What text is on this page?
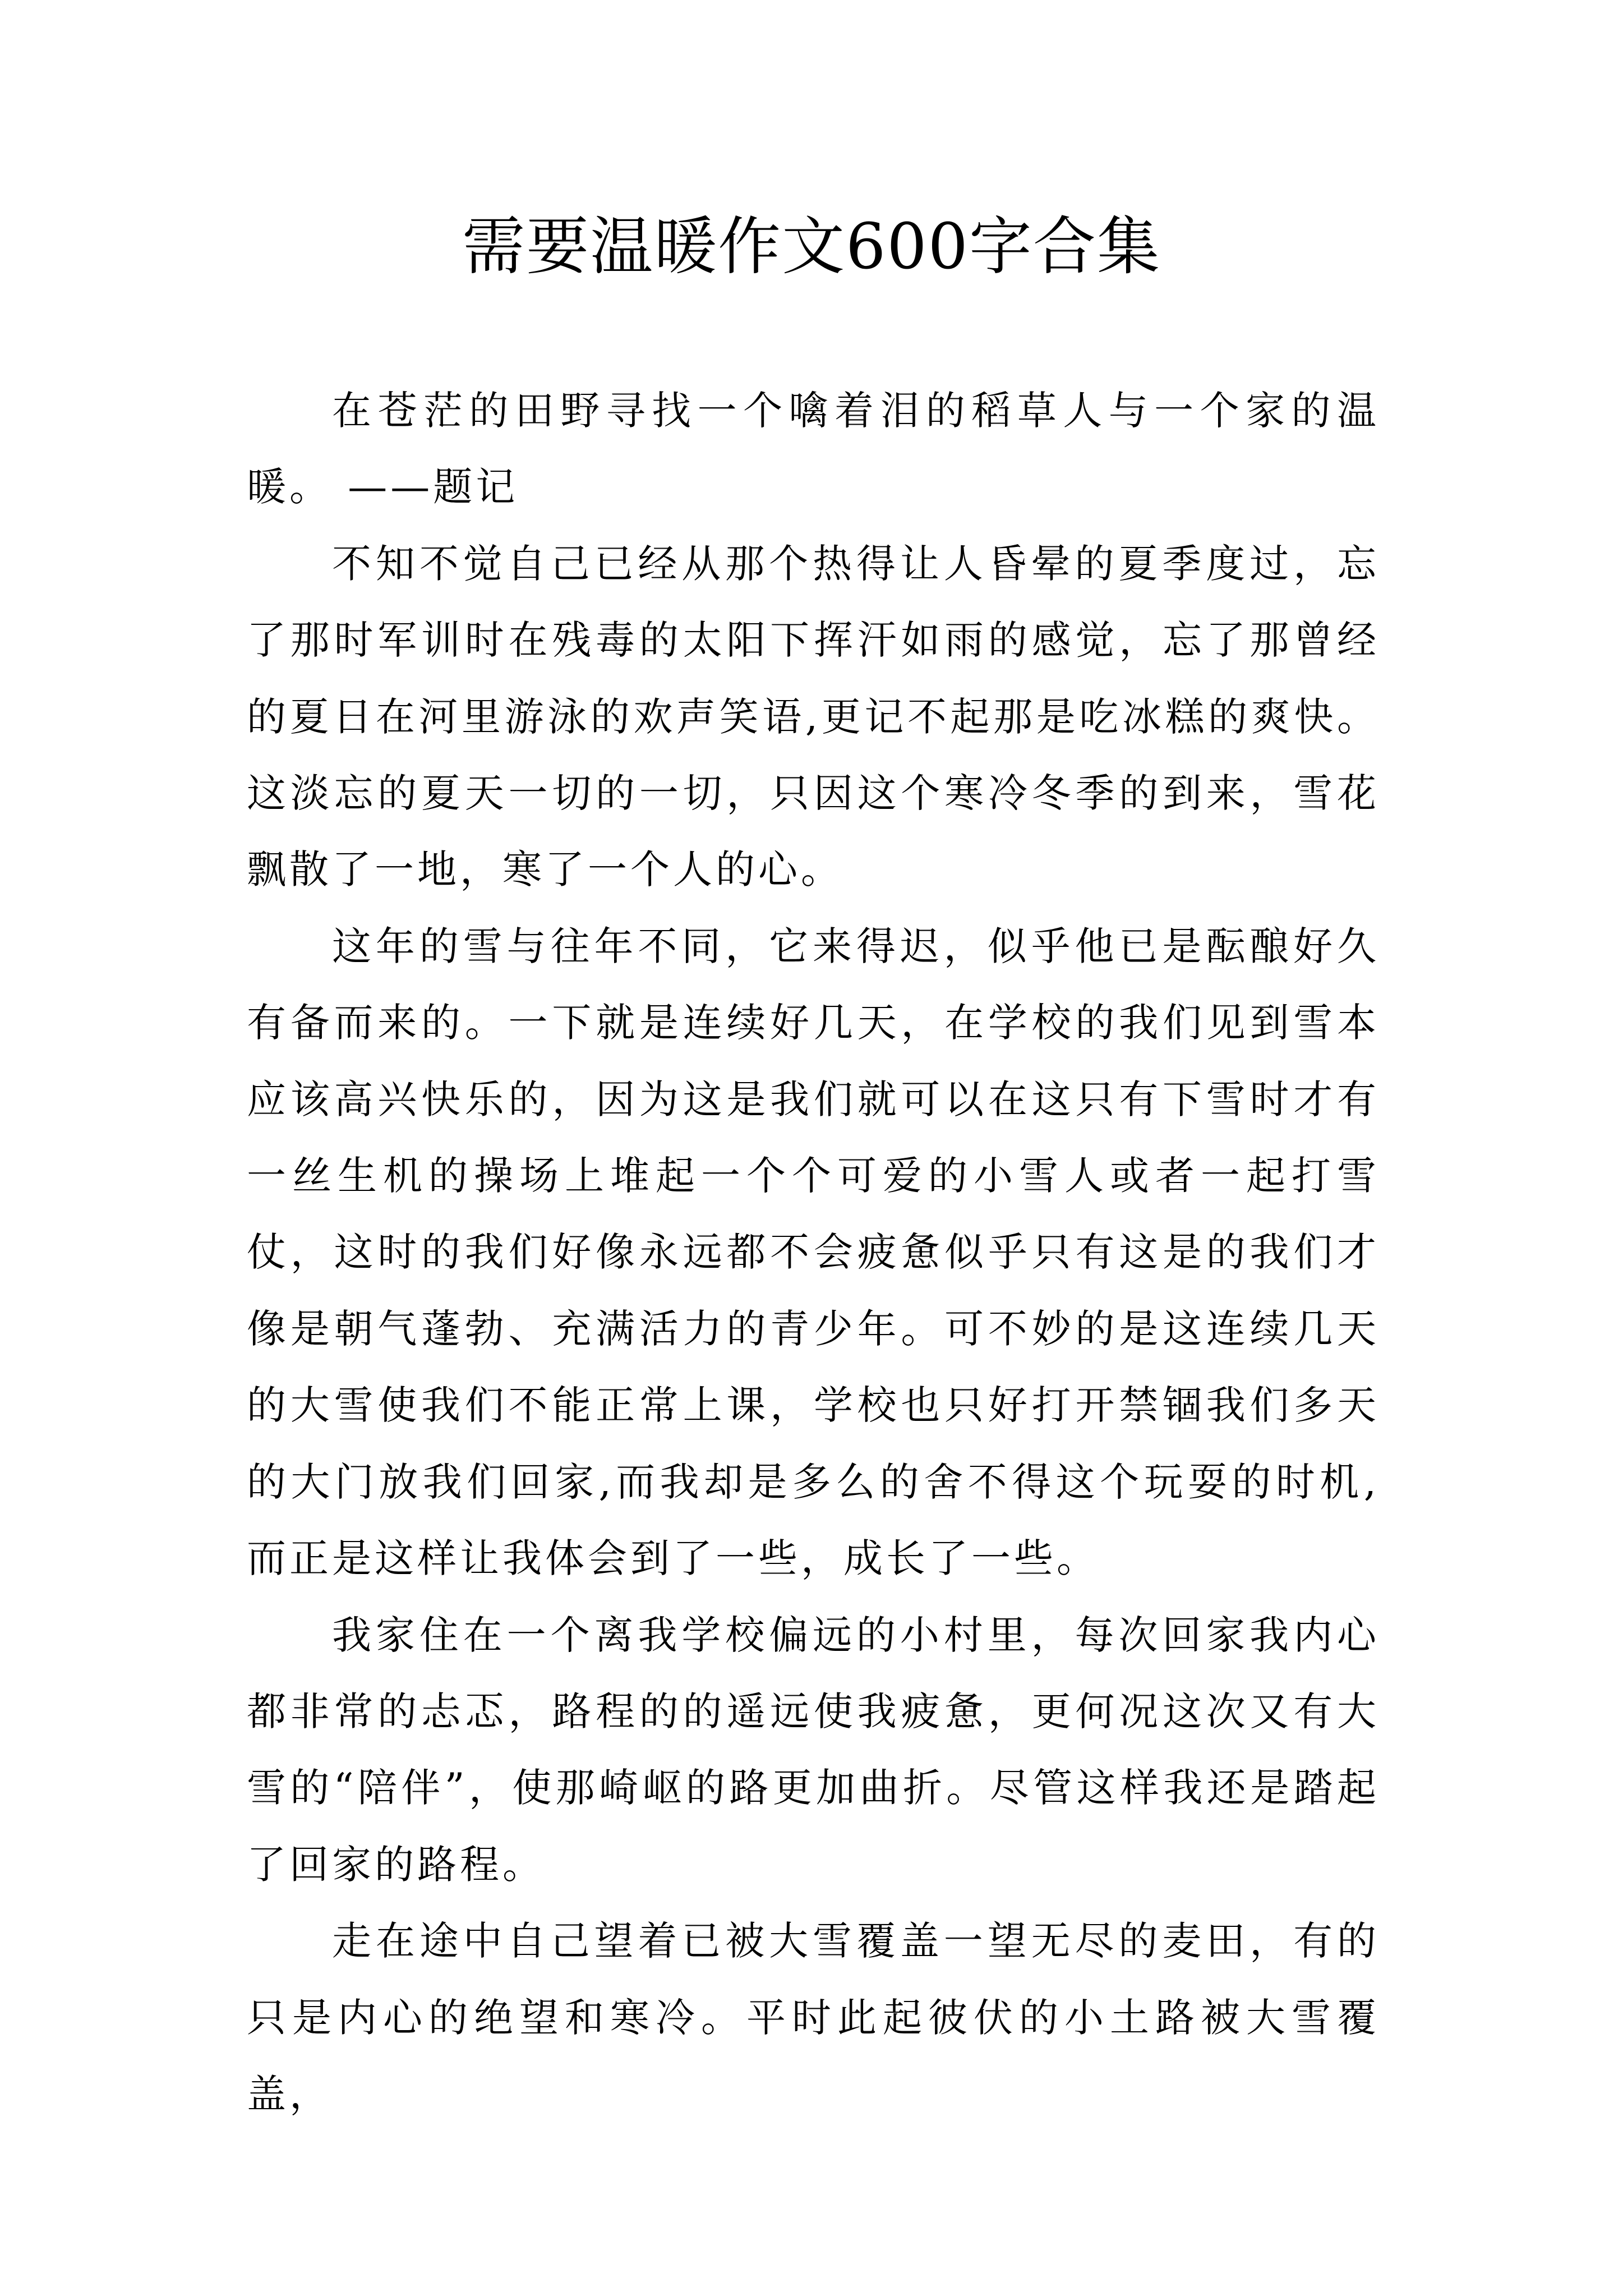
需要温暖作文600字合集

在苍茫的田野寻找一个噙着泪的稻草人与一个家的温暖。 ——题记

不知不觉自己已经从那个热得让人昏晕的夏季度过，忘了那时军训时在残毒的太阳下挥汗如雨的感觉，忘了那曾经的夏日在河里游泳的欢声笑语,更记不起那是吃冰糕的爽快。这淡忘的夏天一切的一切，只因这个寒冷冬季的到来，雪花飘散了一地，寒了一个人的心。

这年的雪与往年不同，它来得迟，似乎他已是酝酿好久有备而来的。一下就是连续好几天，在学校的我们见到雪本应该高兴快乐的，因为这是我们就可以在这只有下雪时才有一丝生机的操场上堆起一个个可爱的小雪人或者一起打雪仗，这时的我们好像永远都不会疲惫似乎只有这是的我们才像是朝气蓬勃、充满活力的青少年。可不妙的是这连续几天的大雪使我们不能正常上课，学校也只好打开禁锢我们多天的大门放我们回家,而我却是多么的舍不得这个玩耍的时机,而正是这样让我体会到了一些，成长了一些。

我家住在一个离我学校偏远的小村里，每次回家我内心都非常的忐忑，路程的的遥远使我疲惫，更何况这次又有大雪的“陪伴”，使那崎岖的路更加曲折。尽管这样我还是踏起了回家的路程。

走在途中自己望着已被大雪覆盖一望无尽的麦田，有的只是内心的绝望和寒冷。平时此起彼伏的小土路被大雪覆盖，
